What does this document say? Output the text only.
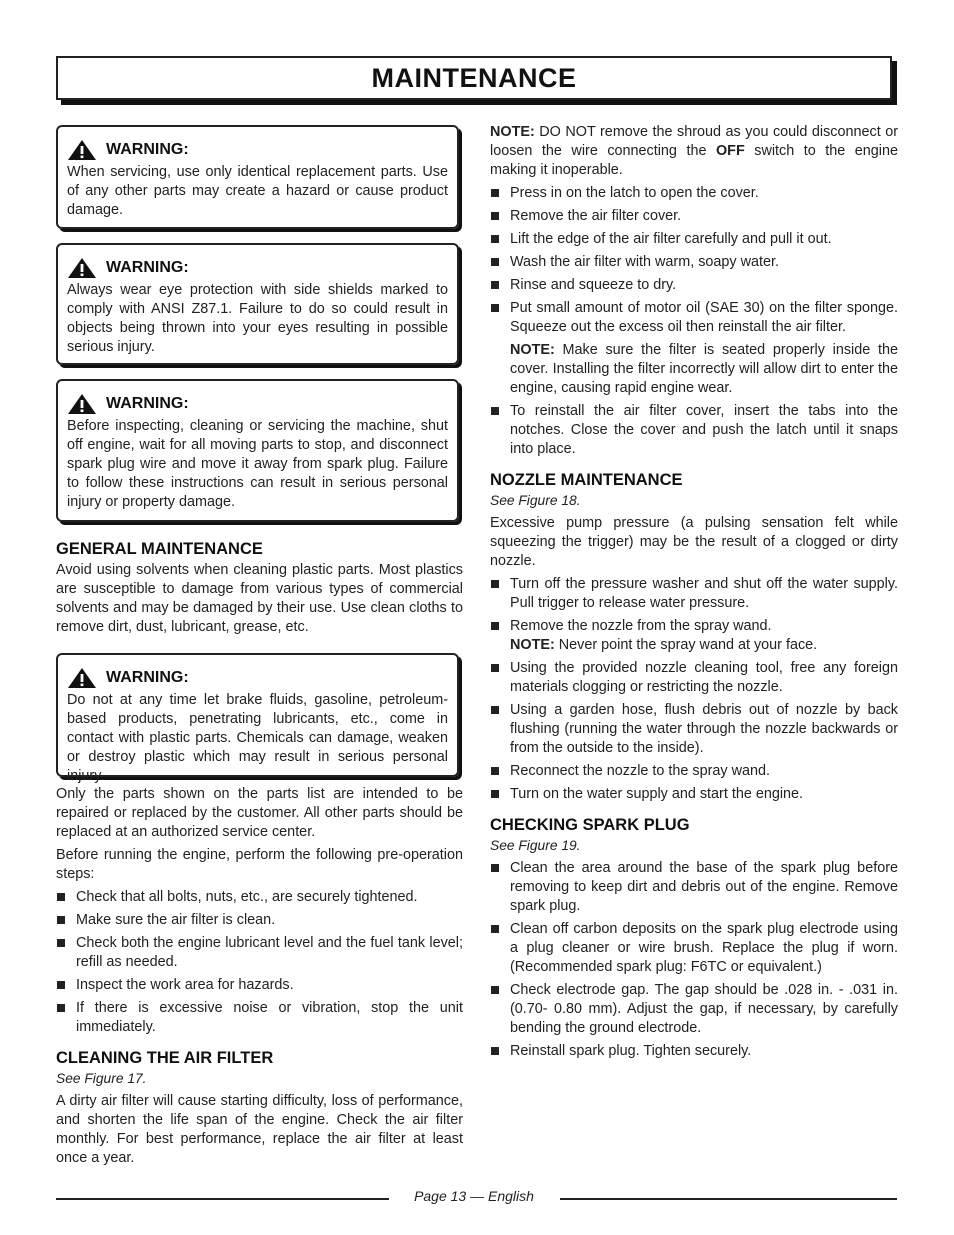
MAINTENANCE
WARNING:
When servicing, use only identical replacement parts. Use of any other parts may create a hazard or cause product damage.
WARNING:
Always wear eye protection with side shields marked to comply with ANSI Z87.1. Failure to do so could result in objects being thrown into your eyes resulting in possible serious injury.
WARNING:
Before inspecting, cleaning or servicing the machine, shut off engine, wait for all moving parts to stop, and disconnect spark plug wire and move it away from spark plug. Failure to follow these instructions can result in serious personal injury or property damage.
GENERAL MAINTENANCE

Avoid using solvents when cleaning plastic parts. Most plastics are susceptible to damage from various types of commercial solvents and may be damaged by their use. Use clean cloths to remove dirt, dust, lubricant, grease, etc.

WARNING:
Do not at any time let brake fluids, gasoline, petroleum-based products, penetrating lubricants, etc., come in contact with plastic parts. Chemicals can damage, weaken or destroy plastic which may result in serious personal injury.

Only the parts shown on the parts list are intended to be repaired or replaced by the customer. All other parts should be replaced at an authorized service center.

Before running the engine, perform the following pre-operation steps:

Check that all bolts, nuts, etc., are securely tightened.
Make sure the air filter is clean.
Check both the engine lubricant level and the fuel tank level; refill as needed.
Inspect the work area for hazards.
If there is excessive noise or vibration, stop the unit immediately.
CLEANING THE AIR FILTER

See Figure 17.

A dirty air filter will cause starting difficulty, loss of performance, and shorten the life span of the engine. Check the air filter monthly. For best performance, replace the air filter at least once a year.

NOTE: DO NOT remove the shroud as you could disconnect or loosen the wire connecting the OFF switch to the engine making it inoperable.

Press in on the latch to open the cover.
Remove the air filter cover.
Lift the edge of the air filter carefully and pull it out.
Wash the air filter with warm, soapy water.
Rinse and squeeze to dry.
Put small amount of motor oil (SAE 30) on the filter sponge. Squeeze out the excess oil then reinstall the air filter.

NOTE: Make sure the filter is seated properly inside the cover. Installing the filter incorrectly will allow dirt to enter the engine, causing rapid engine wear.

To reinstall the air filter cover, insert the tabs into the notches. Close the cover and push the latch until it snaps into place.
NOZZLE MAINTENANCE

See Figure 18.

Excessive pump pressure (a pulsing sensation felt while squeezing the trigger) may be the result of a clogged or dirty nozzle.

Turn off the pressure washer and shut off the water supply. Pull trigger to release water pressure.
Remove the nozzle from the spray wand.
NOTE: Never point the spray wand at your face.
Using the provided nozzle cleaning tool, free any foreign materials clogging or restricting the nozzle.
Using a garden hose, flush debris out of nozzle by back flushing (running the water through the nozzle backwards or from the outside to the inside).
Reconnect the nozzle to the spray wand.
Turn on the water supply and start the engine.
CHECKING SPARK PLUG

See Figure 19.

Clean the area around the base of the spark plug before removing to keep dirt and debris out of the engine. Remove spark plug.
Clean off carbon deposits on the spark plug electrode using a plug cleaner or wire brush. Replace the plug if worn. (Recommended spark plug: F6TC or equivalent.)
Check electrode gap. The gap should be .028 in. - .031 in. (0.70- 0.80 mm). Adjust the gap, if necessary, by carefully bending the ground electrode.
Reinstall spark plug. Tighten securely.
Page 13 — English
